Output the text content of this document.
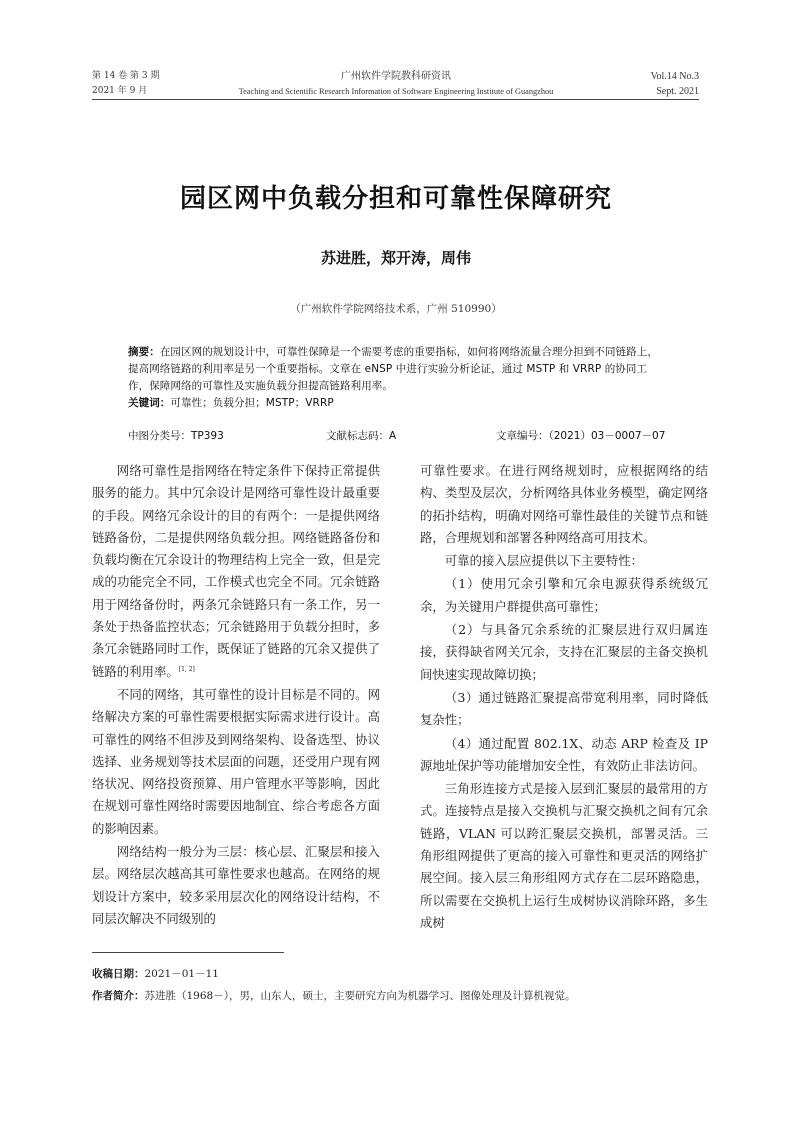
第 14 卷 第 3 期
2021 年 9 月
广州软件学院教科研资讯
Teaching and Scientific Research Information of Software Engineering Institute of Guangzhou
Vol.14 No.3
Sept. 2021
园区网中负载分担和可靠性保障研究
苏进胜，郑开涛，周伟
（广州软件学院网络技术系，广州 510990）
摘要：在园区网的规划设计中，可靠性保障是一个需要考虑的重要指标，如何将网络流量合理分担到不同链路上，提高网络链路的利用率是另一个重要指标。文章在 eNSP 中进行实验分析论证，通过 MSTP 和 VRRP 的协同工作，保障网络的可靠性及实施负载分担提高链路利用率。
关键词：可靠性；负载分担；MSTP；VRRP
中图分类号：TP393	文献标志码：A	文章编号：（2021）03－0007－07

网络可靠性是指网络在特定条件下保持正常提供服务的能力。其中冗余设计是网络可靠性设计最重要的手段。网络冗余设计的目的有两个：一是提供网络链路备份，二是提供网络负载分担。网络链路备份和负载均衡在冗余设计的物理结构上完全一致，但是完成的功能完全不同，工作模式也完全不同。冗余链路用于网络备份时，两条冗余链路只有一条工作，另一条处于热备监控状态；冗余链路用于负载分担时，多条冗余链路同时工作，既保证了链路的冗余又提供了链路的利用率。[1, 2]

不同的网络，其可靠性的设计目标是不同的。网络解决方案的可靠性需要根据实际需求进行设计。高可靠性的网络不但涉及到网络架构、设备选型、协议选择、业务规划等技术层面的问题，还受用户现有网络状况、网络投资预算、用户管理水平等影响，因此在规划可靠性网络时需要因地制宜、综合考虑各方面的影响因素。

网络结构一般分为三层：核心层、汇聚层和接入层。网络层次越高其可靠性要求也越高。在网络的规划设计方案中，较多采用层次化的网络设计结构，不同层次解决不同级别的

可靠性要求。在进行网络规划时，应根据网络的结构、类型及层次，分析网络具体业务模型，确定网络的拓扑结构，明确对网络可靠性最佳的关键节点和链路，合理规划和部署各种网络高可用技术。

可靠的接入层应提供以下主要特性：

（1）使用冗余引擎和冗余电源获得系统级冗余，为关键用户群提供高可靠性；

（2）与具备冗余系统的汇聚层进行双归属连接，获得缺省网关冗余，支持在汇聚层的主备交换机间快速实现故障切换；

（3）通过链路汇聚提高带宽利用率，同时降低复杂性；

（4）通过配置 802.1X、动态 ARP 检查及 IP 源地址保护等功能增加安全性，有效防止非法访问。

三角形连接方式是接入层到汇聚层的最常用的方式。连接特点是接入交换机与汇聚交换机之间有冗余链路，VLAN 可以跨汇聚层交换机，部署灵活。三角形组网提供了更高的接入可靠性和更灵活的网络扩展空间。接入层三角形组网方式存在二层环路隐患，所以需要在交换机上运行生成树协议消除环路，多生成树

收稿日期：2021－01－11
作者简介：苏进胜（1968－），男，山东人，硕士，主要研究方向为机器学习、图像处理及计算机视觉。
